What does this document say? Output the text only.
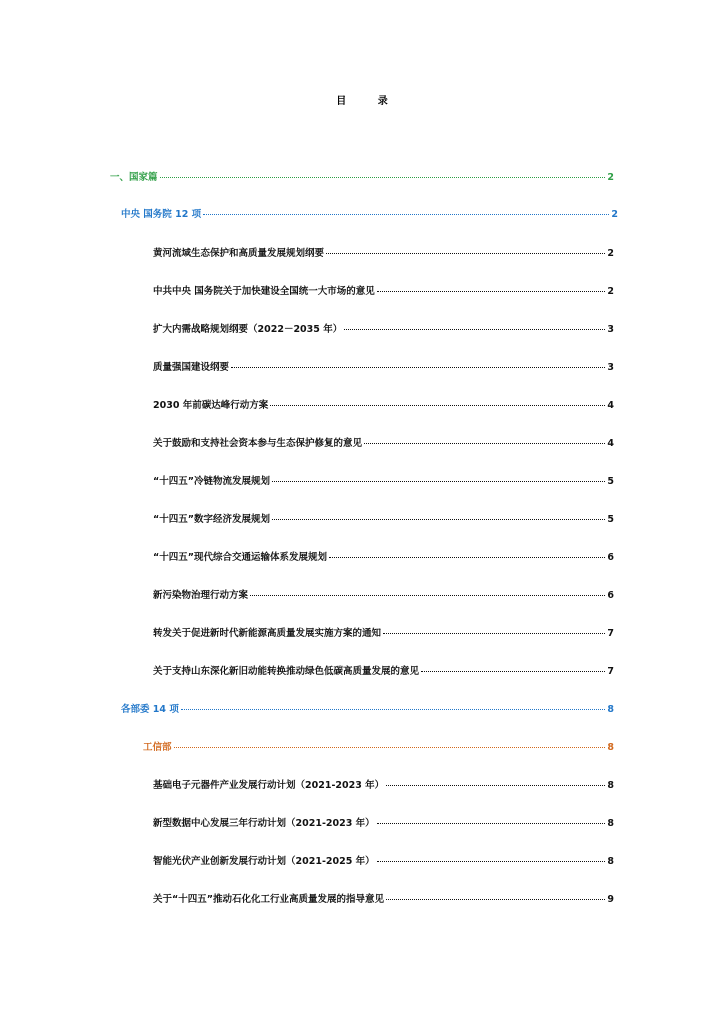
目 录
一、国家篇	2
中央 国务院 12 项	2
黄河流域生态保护和高质量发展规划纲要	2
中共中央 国务院关于加快建设全国统一大市场的意见	2
扩大内需战略规划纲要（2022－2035 年）	3
质量强国建设纲要	3
2030 年前碳达峰行动方案	4
关于鼓励和支持社会资本参与生态保护修复的意见	4
“十四五”冷链物流发展规划	5
“十四五”数字经济发展规划	5
“十四五”现代综合交通运输体系发展规划	6
新污染物治理行动方案	6
转发关于促进新时代新能源高质量发展实施方案的通知	7
关于支持山东深化新旧动能转换推动绿色低碳高质量发展的意见	7
各部委 14 项	8
工信部	8
基础电子元器件产业发展行动计划（2021-2023 年）	8
新型数据中心发展三年行动计划（2021-2023 年）	8
智能光伏产业创新发展行动计划（2021-2025 年）	8
关于“十四五”推动石化化工行业高质量发展的指导意见	9
